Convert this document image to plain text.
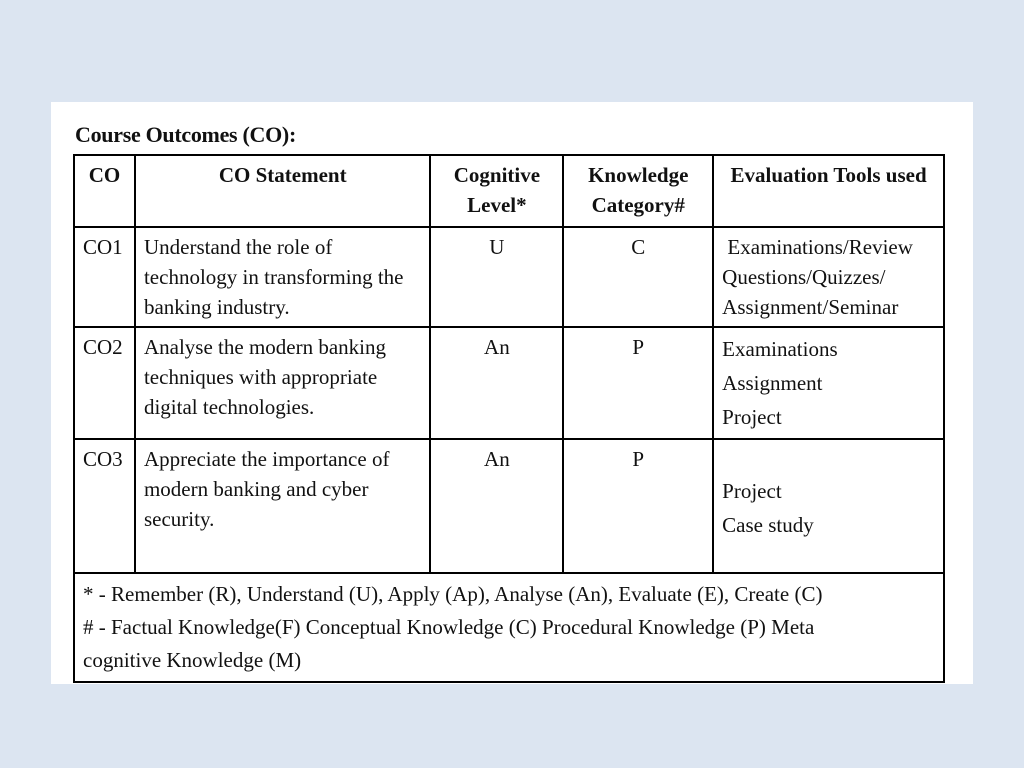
Course Outcomes (CO):
CO	CO Statement	Cognitive Level*	Knowledge Category#	Evaluation Tools used
CO1	Understand the role of technology in transforming the banking industry.	U	C	Examinations/Review
Questions/Quizzes/
Assignment/Seminar

CO2	Analyse the modern banking techniques with appropriate digital technologies.	An	P	Examinations
Assignment
Project

CO3	Appreciate the importance of modern banking and cyber security.	An	P	Project
Case study

* - Remember (R), Understand (U), Apply (Ap), Analyse (An), Evaluate (E), Create (C)
# - Factual Knowledge(F) Conceptual Knowledge (C) Procedural Knowledge (P) Meta cognitive Knowledge (M)				
